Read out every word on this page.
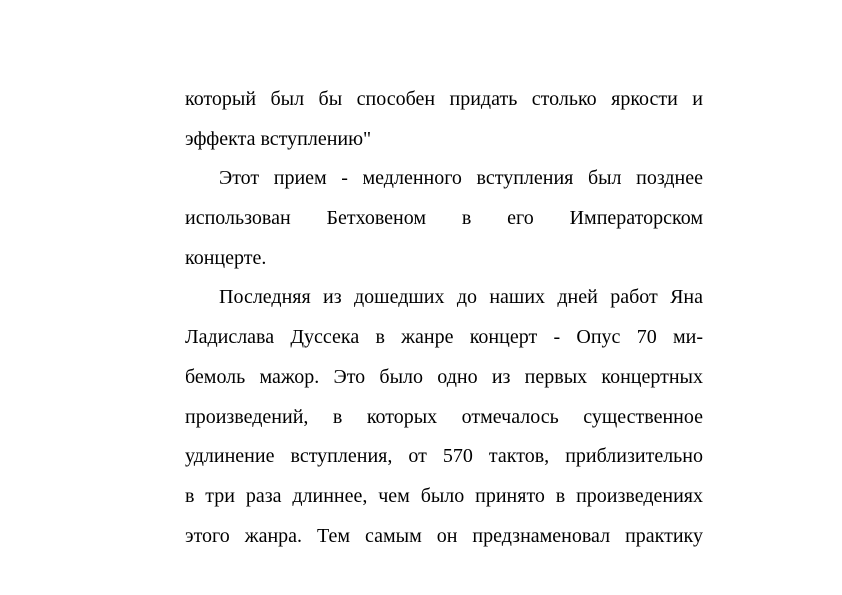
который был бы способен придать столько яркости и
эффекта вступлению"
Этот прием - медленного вступления был позднее
использован Бетховеном в его Императорском
концерте.
Последняя из дошедших до наших дней работ Яна
Ладислава Дуссека в жанре концерт - Опус 70 ми-
бемоль мажор. Это было одно из первых концертных
произведений, в которых отмечалось существенное
удлинение вступления, от 570 тактов, приблизительно
в три раза длиннее, чем было принято в произведениях
этого жанра. Тем самым он предзнаменовал практику
